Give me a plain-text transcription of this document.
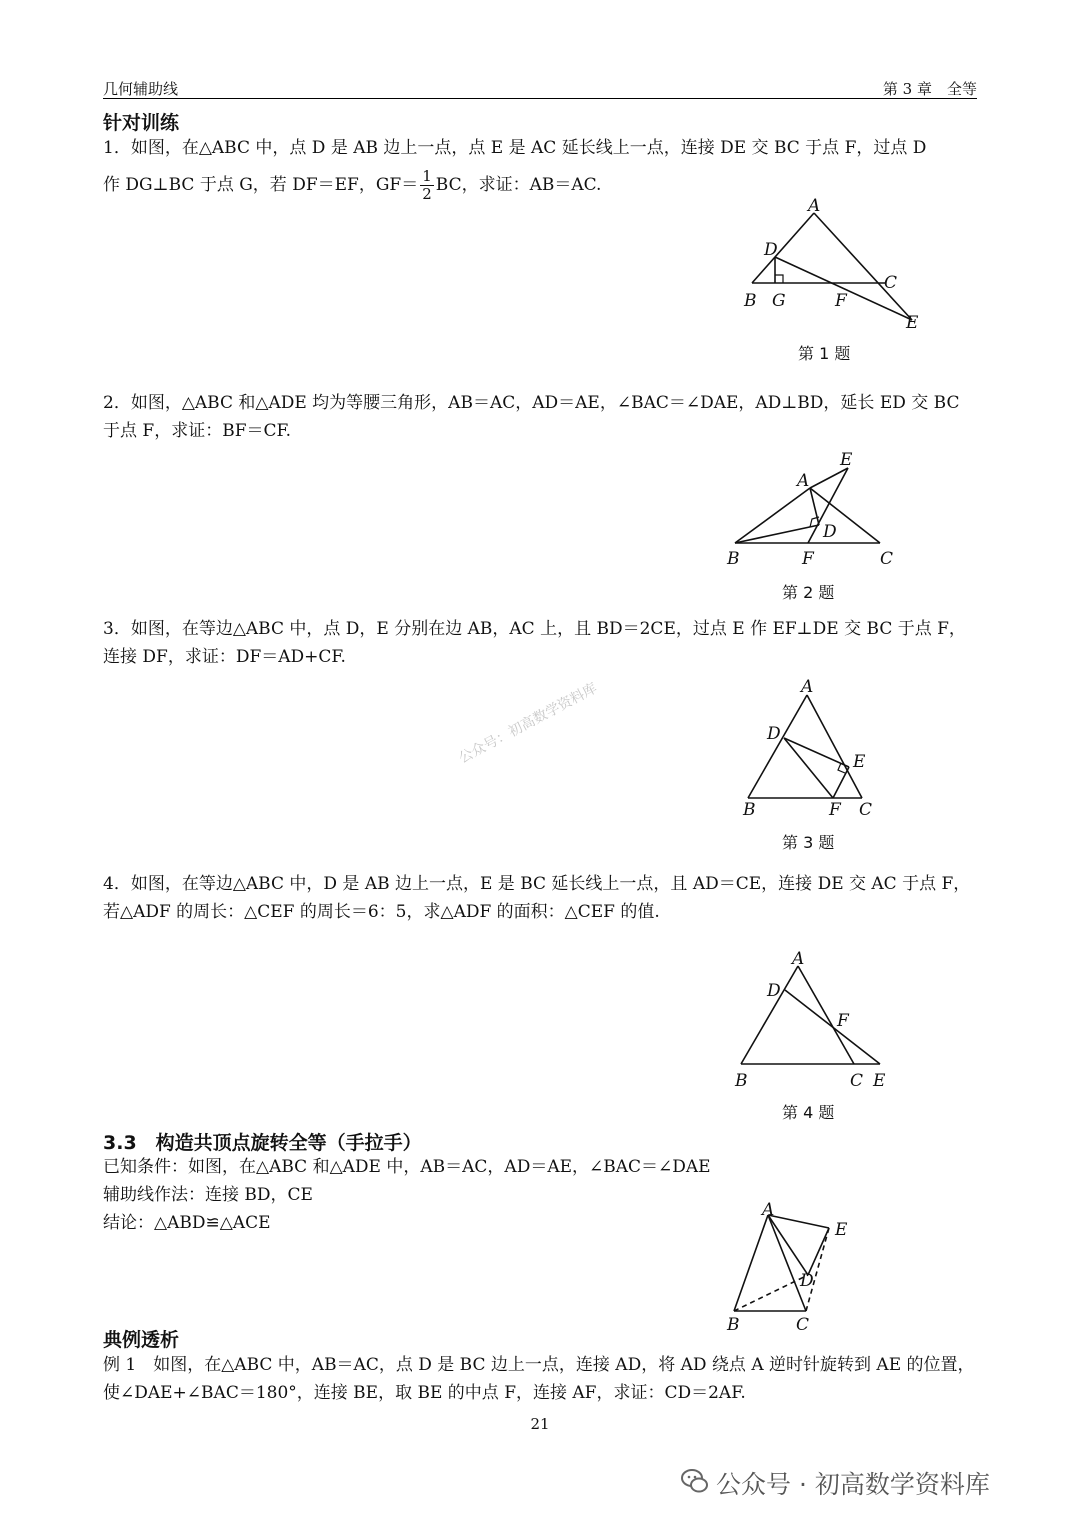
几何辅助线	第 3 章　全等
针对训练
1．如图，在△ABC 中，点 D 是 AB 边上一点，点 E 是 AC 延长线上一点，连接 DE 交 BC 于点 F，过点 D
作 DG⊥BC 于点 G，若 DF＝EF，$GF= \frac{1}{2}$ BC，求证：AB＝AC.
A
D
B G	F
C
E
第 1 题
2．如图，△ABC 和△ADE 均为等腰三角形，AB＝AC，AD＝AE，∠BAC＝∠DAE，AD⊥BD，延长 ED 交 BC 于点 F，求证：BF＝CF.
E
A
D
B	F	C
第 2 题
3．如图，在等边△ABC 中，点 D，E 分别在边 AB，AC 上，且 BD＝2CE，过点 E 作 EF⊥DE 交 BC 于点 F，连接 DF，求证：DF＝AD+CF.
A
D
E
B	F C
第 3 题
公众号：初高数学资料库
4．如图，在等边△ABC 中，D 是 AB 边上一点，E 是 BC 延长线上一点，且 AD＝CE，连接 DE 交 AC 于点 F，若△ADF 的周长：△CEF 的周长＝6：5，求△ADF 的面积：△CEF 的值.
A
D
F
B	C E
第 4 题
3.3　构造共顶点旋转全等（手拉手）
已知条件：如图，在△ABC 和△ADE 中，AB＝AC，AD＝AE，∠BAC＝∠DAE
辅助线作法：连接 BD，CE
结论：△ABD≌△ACE
A
E
D
B	C
典例透析
例 1　如图，在△ABC 中，AB＝AC，点 D 是 BC 边上一点，连接 AD，将 AD 绕点 A 逆时针旋转到 AE 的位置，使∠DAE+∠BAC＝180°，连接 BE，取 BE 的中点 F，连接 AF，求证：CD＝2AF.
21
公众号 · 初高数学资料库
